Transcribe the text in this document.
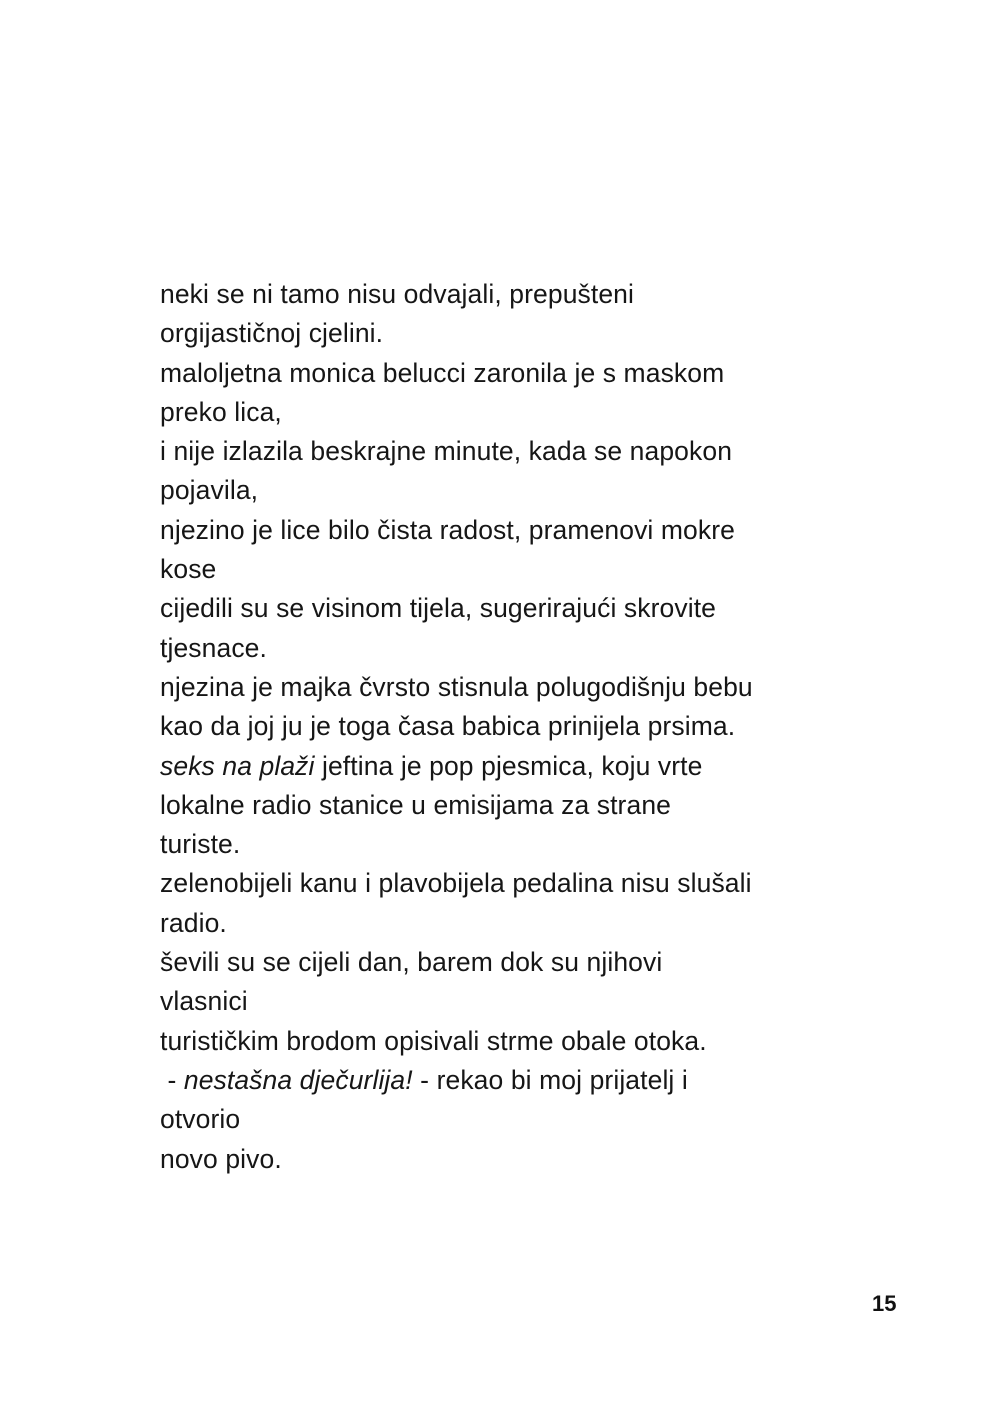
neki se ni tamo nisu odvajali, prepušteni
orgijastičnoj cjelini.
maloljetna monica belucci zaronila je s maskom
preko lica,
i nije izlazila beskrajne minute, kada se napokon
pojavila,
njezino je lice bilo čista radost, pramenovi mokre
kose
cijedili su se visinom tijela, sugerirajući skrovite
tjesnace.
njezina je majka čvrsto stisnula polugodišnju bebu
kao da joj ju je toga časa babica prinijela prsima.
seks na plaži jeftina je pop pjesmica, koju vrte
lokalne radio stanice u emisijama za strane
turiste.
zelenobijeli kanu i plavobijela pedalina nisu slušali
radio.
ševili su se cijeli dan, barem dok su njihovi
vlasnici
turističkim brodom opisivali strme obale otoka.
- nestašna dječurlija! - rekao bi moj prijatelj i
otvorio
novo pivo.
15
